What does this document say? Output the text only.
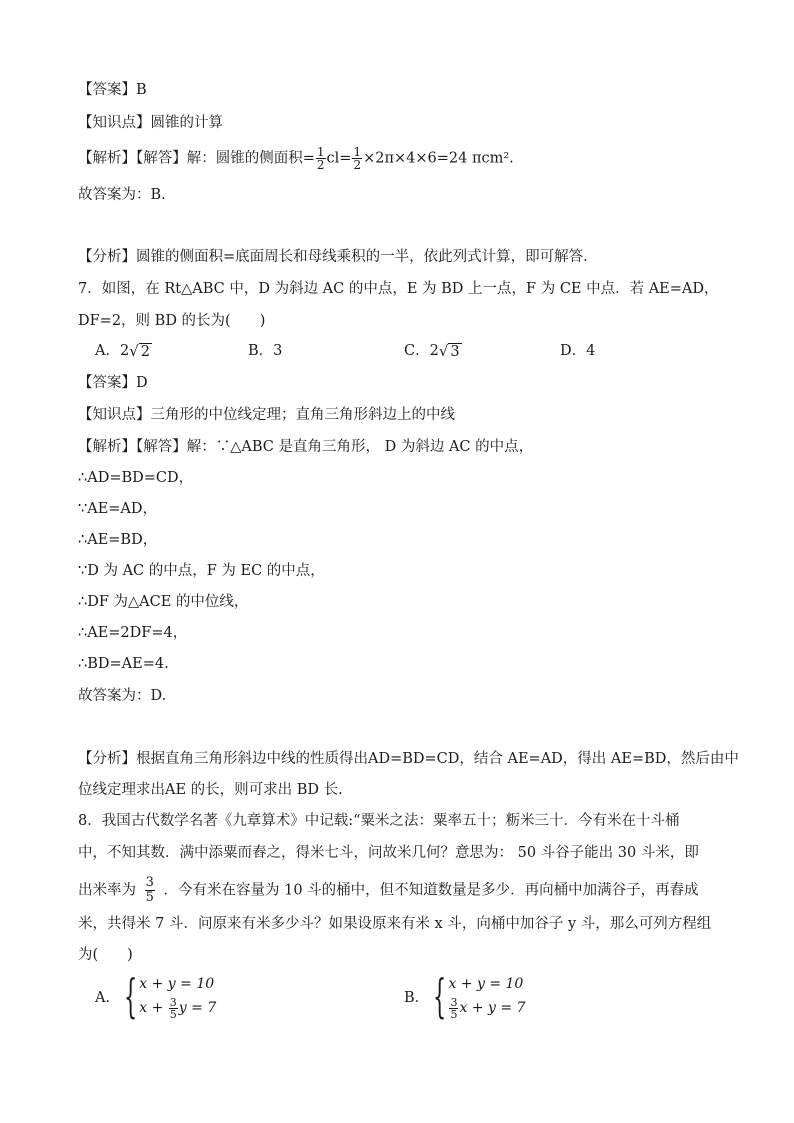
【答案】B
【知识点】圆锥的计算
【解析】【解答】解：圆锥的侧面积= $\frac{1}{2} cl= \frac{1}{2} \times 2\pi\times 4\times 6=24$ πcm².
故答案为：B.
【分析】圆锥的侧面积=底面周长和母线乘积的一半，依此列式计算，即可解答.
7．如图，在 Rt△ABC 中，D 为斜边 AC 的中点，E 为 BD 上一点，F 为 CE 中点．若 AE=AD，
DF=2，则 BD 的长为(　　)
A．2 √ 2	B．3	C．2 √ 3	D．4
【答案】D
【知识点】三角形的中位线定理；直角三角形斜边上的中线
【解析】【解答】解：∵△ABC 是直角三角形， D 为斜边 AC 的中点，
∴AD=BD=CD，
∵AE=AD，
∴AE=BD，
∵D 为 AC 的中点，F 为 EC 的中点，
∴DF 为△ACE 的中位线，
∴AE=2DF=4，
∴BD=AE=4.
故答案为：D.
【分析】根据直角三角形斜边中线的性质得出AD=BD=CD，结合 AE=AD，得出 AE=BD，然后由中
位线定理求出AE 的长，则可求出 BD 长.
8．我国古代数学名著《九章算术》中记载:“粟米之法：粟率五十；粝米三十．今有米在十斗桶
中，不知其数．满中添粟而舂之，得米七斗，问故米几何？意思为： 50 斗谷子能出 30 斗米，即
出米率为 $\frac{3}{5}$ ．今有米在容量为 10 斗的桶中，但不知道数量是多少．再向桶中加满谷子，再舂成
米，共得米 7 斗．问原来有米多少斗？如果设原来有米 x 斗，向桶中加谷子 y 斗，那么可列方程组
为(　　)
A． { x + y = 10
$x + \frac{3}{5}$ y = 7
B． { x + y = 10
$\frac{3}{5}$ x + y = 7
